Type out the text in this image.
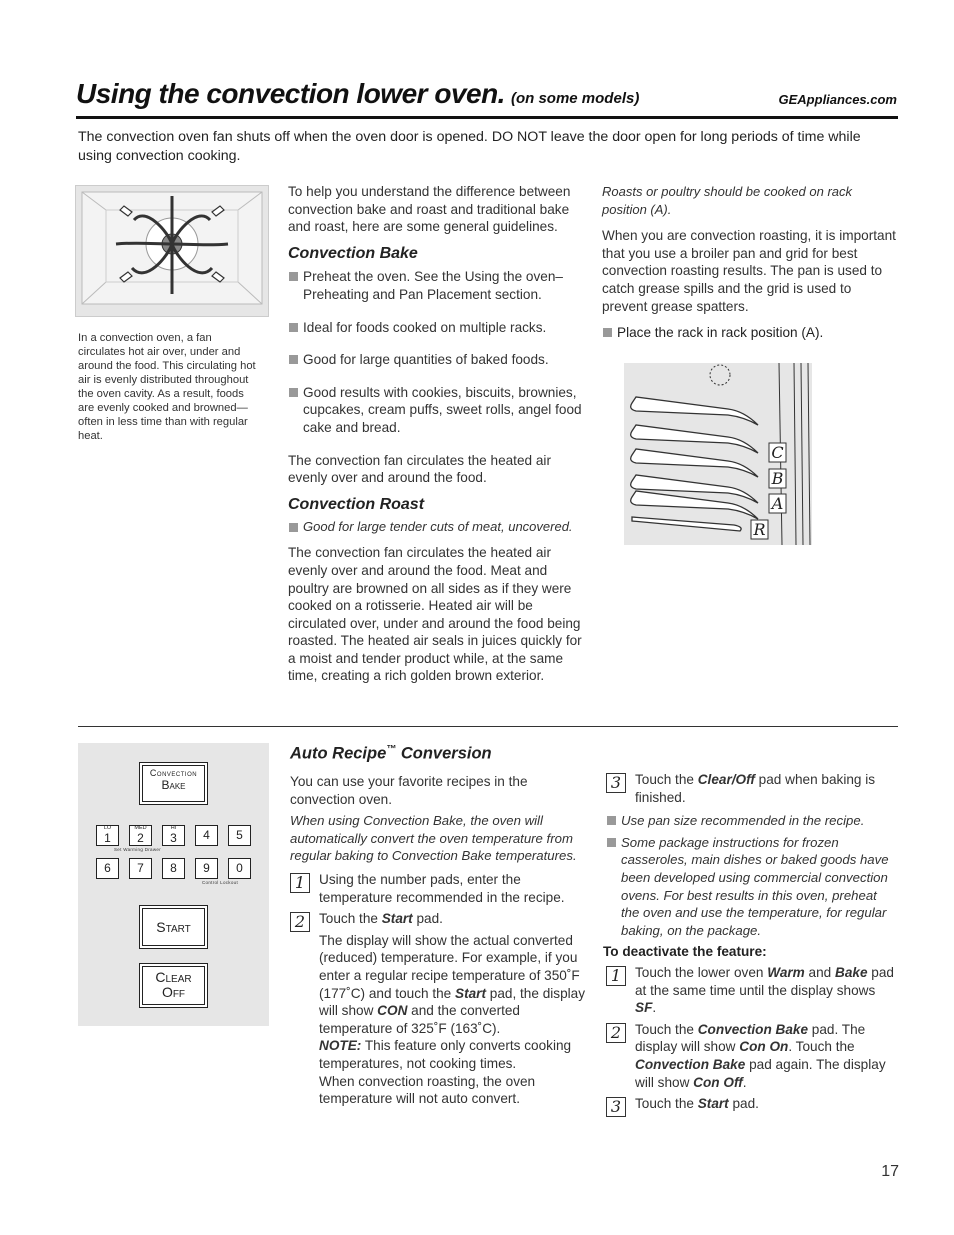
Using the convection lower oven. (on some models)	GEAppliances.com
The convection oven fan shuts off when the oven door is opened. DO NOT leave the door open for long periods of time while using convection cooking.
In a convection oven, a fan circulates hot air over, under and around the food. This circulating hot air is evenly distributed throughout the oven cavity. As a result, foods are evenly cooked and browned—often in less time than with regular heat.

To help you understand the difference between convection bake and roast and traditional bake and roast, here are some general guidelines.

Convection Bake
Preheat the oven. See the Using the oven–Preheating and Pan Placement section.
Ideal for foods cooked on multiple racks.
Good for large quantities of baked foods.
Good results with cookies, biscuits, brownies, cupcakes, cream puffs, sweet rolls, angel food cake and bread.

The convection fan circulates the heated air evenly over and around the food.

Convection Roast
Good for large tender cuts of meat, uncovered.

The convection fan circulates the heated air evenly over and around the food. Meat and poultry are browned on all sides as if they were cooked on a rotisserie. Heated air will be circulated over, under and around the food being roasted. The heated air seals in juices quickly for a moist and tender product while, at the same time, creating a rich golden brown exterior.

Roasts or poultry should be cooked on rack position (A).

When you are convection roasting, it is important that you use a broiler pan and grid for best convection roasting results. The pan is used to catch grease spills and the grid is used to prevent grease spatters.

Place the rack in rack position (A).
C
B
A
R
Convection
Bake
LO
1
MED
2
HI
3	4	5
Set Warming Drawer
6	7	8	9	0
Control Lockout
Start
Clear
Off
Auto Recipe™ Conversion

You can use your favorite recipes in the convection oven.

When using Convection Bake, the oven will automatically convert the oven temperature from regular baking to Convection Bake temperatures.

1	Using the number pads, enter the temperature recommended in the recipe.
2	Touch the Start pad.
The display will show the actual converted (reduced) temperature. For example, if you enter a regular recipe temperature of 350˚F (177˚C) and touch the Start pad, the display will show CON and the converted temperature of 325˚F (163˚C).
NOTE: This feature only converts cooking temperatures, not cooking times.
When convection roasting, the oven temperature will not auto convert.
3	Touch the Clear/Off pad when baking is finished.
Use pan size recommended in the recipe.
Some package instructions for frozen casseroles, main dishes or baked goods have been developed using commercial convection ovens. For best results in this oven, preheat the oven and use the temperature, for regular baking, on the package.
To deactivate the feature:
1	Touch the lower oven Warm and Bake pad at the same time until the display shows SF.
2	Touch the Convection Bake pad. The display will show Con On. Touch the Convection Bake pad again. The display will show Con Off.
3	Touch the Start pad.
17
